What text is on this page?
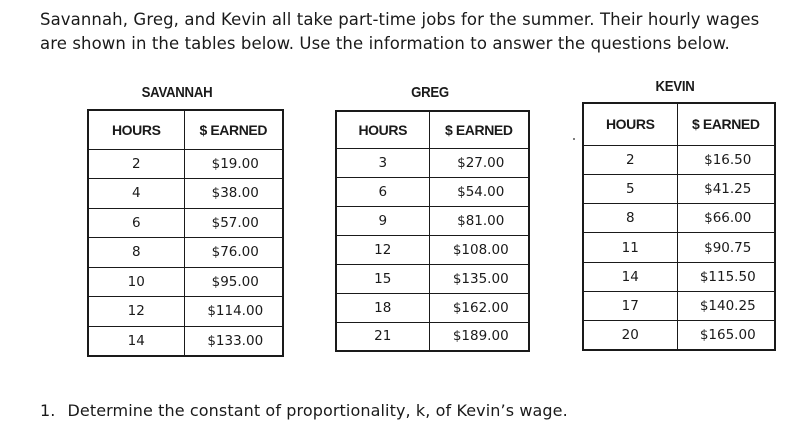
Savannah, Greg, and Kevin all take part-time jobs for the summer. Their hourly wages

are shown in the tables below. Use the information to answer the questions below.

SAVANNAH
HOURS	$ EARNED
2	$19.00
4	$38.00
6	$57.00
8	$76.00
10	$95.00
12	$114.00
14	$133.00
GREG
HOURS	$ EARNED
3	$27.00
6	$54.00
9	$81.00
12	$108.00
15	$135.00
18	$162.00
21	$189.00
KEVIN
HOURS	$ EARNED
2	$16.50
5	$41.25
8	$66.00
11	$90.75
14	$115.50
17	$140.25
20	$165.00
1. Determine the constant of proportionality, k, of Kevin’s wage.
